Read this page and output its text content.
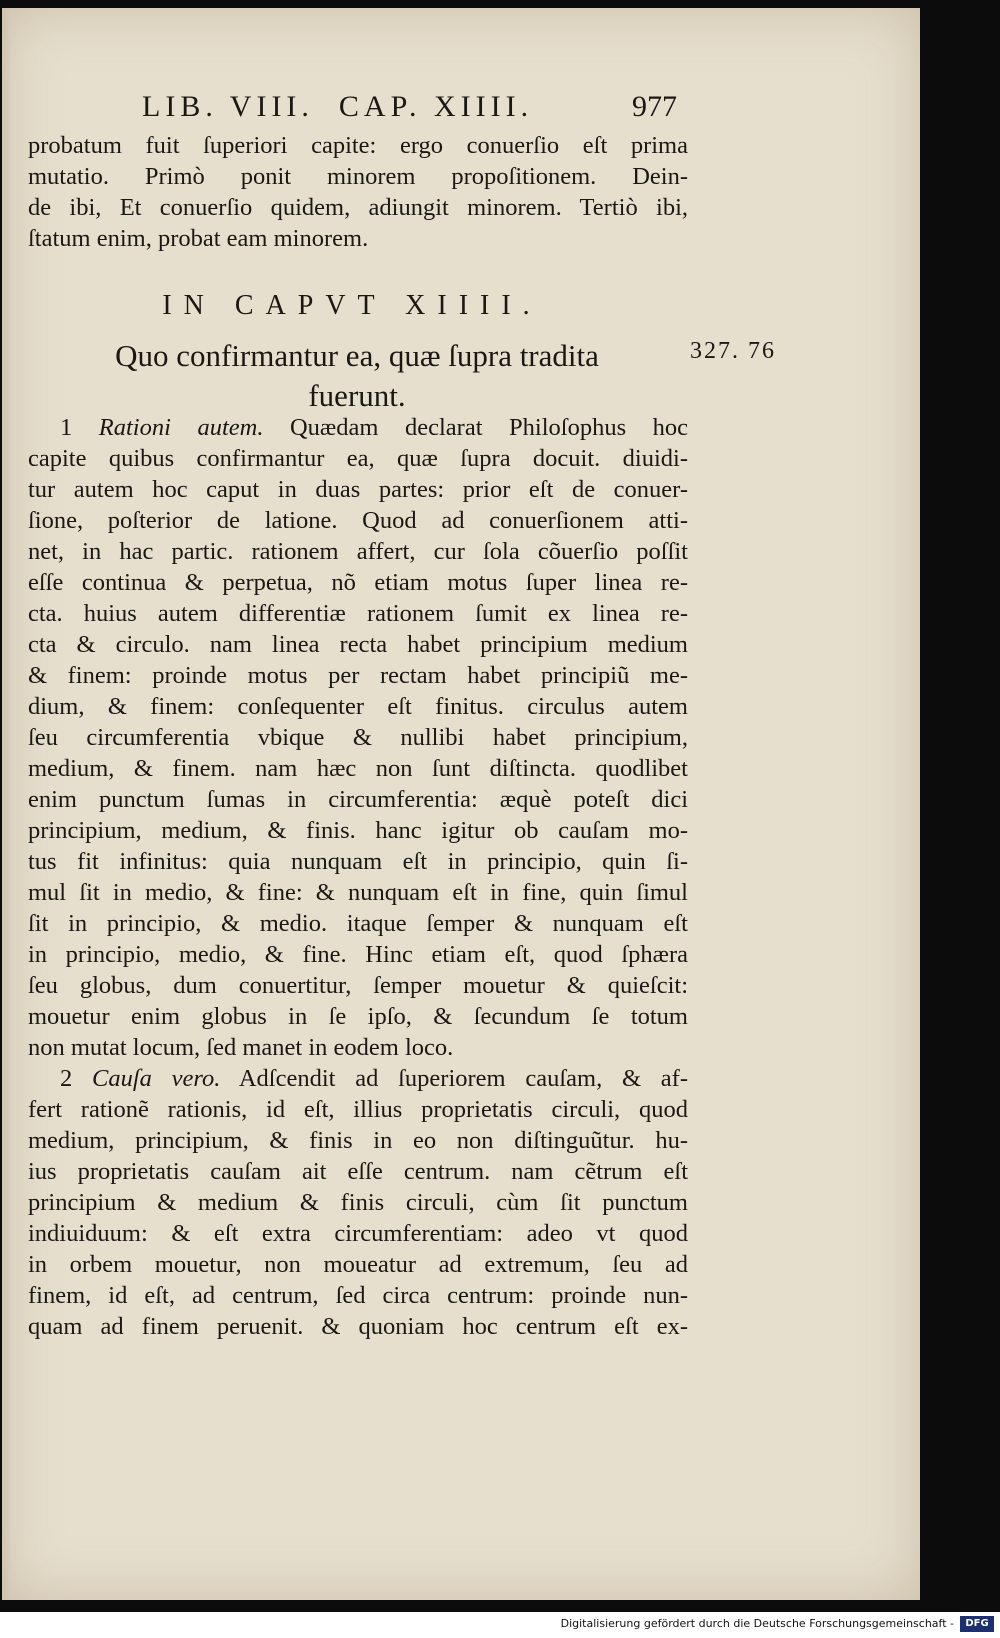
LIB. VIII.  CAP. XIIII.	977
probatum fuit ſuperiori capite: ergo conuerſio eſt prima
mutatio. Primò ponit minorem propoſitionem. Dein-
de ibi, Et conuerſio quidem, adiungit minorem. Tertiò ibi,
ſtatum enim, probat eam minorem.
IN CAPVT XIIII.
Quo confirmantur ea, quæ ſupra tradita
fuerunt.
327. 76
1 Rationi autem. Quædam declarat Philoſophus hoc
capite quibus confirmantur ea, quæ ſupra docuit. diuidi-
tur autem hoc caput in duas partes: prior eſt de conuer-
ſione, poſterior de latione. Quod ad conuerſionem atti-
net, in hac partic. rationem affert, cur ſola cõuerſio poſſit
eſſe continua & perpetua, nõ etiam motus ſuper linea re-
cta. huius autem differentiæ rationem ſumit ex linea re-
cta & circulo. nam linea recta habet principium medium
& finem: proinde motus per rectam habet principiũ me-
dium, & finem: conſequenter eſt finitus. circulus autem
ſeu circumferentia vbique & nullibi habet principium,
medium, & finem. nam hæc non ſunt diſtincta. quodlibet
enim punctum ſumas in circumferentia: æquè poteſt dici
principium, medium, & finis. hanc igitur ob cauſam mo-
tus fit infinitus: quia nunquam eſt in principio, quin ſi-
mul ſit in medio, & fine: & nunquam eſt in fine, quin ſimul
ſit in principio, & medio. itaque ſemper & nunquam eſt
in principio, medio, & fine. Hinc etiam eſt, quod ſphæra
ſeu globus, dum conuertitur, ſemper mouetur & quieſcit:
mouetur enim globus in ſe ipſo, & ſecundum ſe totum
non mutat locum, ſed manet in eodem loco.
2 Cauſa vero. Adſcendit ad ſuperiorem cauſam, & af-
fert rationẽ rationis, id eſt, illius proprietatis circuli, quod
medium, principium, & finis in eo non diſtinguũtur. hu-
ius proprietatis cauſam ait eſſe centrum. nam cẽtrum eſt
principium & medium & finis circuli, cùm ſit punctum
indiuiduum: & eſt extra circumferentiam: adeo vt quod
in orbem mouetur, non moueatur ad extremum, ſeu ad
finem, id eſt, ad centrum, ſed circa centrum: proinde nun-
quam ad finem peruenit. & quoniam hoc centrum eſt ex-
Digitalisierung gefördert durch die Deutsche Forschungsgemeinschaft -	DFG
